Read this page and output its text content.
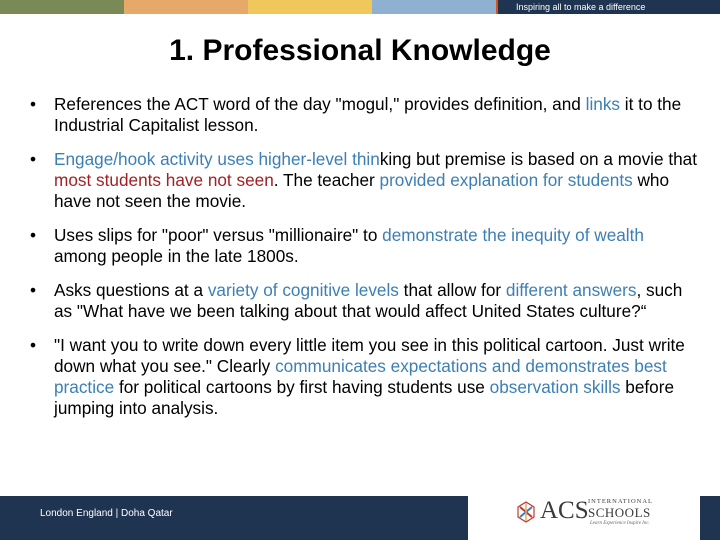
Inspiring all to make a difference
1. Professional Knowledge
• References the ACT word of the day "mogul," provides definition, and links it to the Industrial Capitalist lesson.
• Engage/hook activity uses higher-level thinking but premise is based on a movie that most students have not seen. The teacher provided explanation for students who have not seen the movie.
• Uses slips for "poor" versus "millionaire" to demonstrate the inequity of wealth among people in the late 1800s.
• Asks questions at a variety of cognitive levels that allow for different answers, such as "What have we been talking about that would affect United States culture?“
• "I want you to write down every little item you see in this political cartoon. Just write down what you see." Clearly communicates expectations and demonstrates best practice for political cartoons by first having students use observation skills before jumping into analysis.
London England | Doha Qatar	ACS INTERNATIONAL
SCHOOLS
Learn Experience Inspire Inc.
